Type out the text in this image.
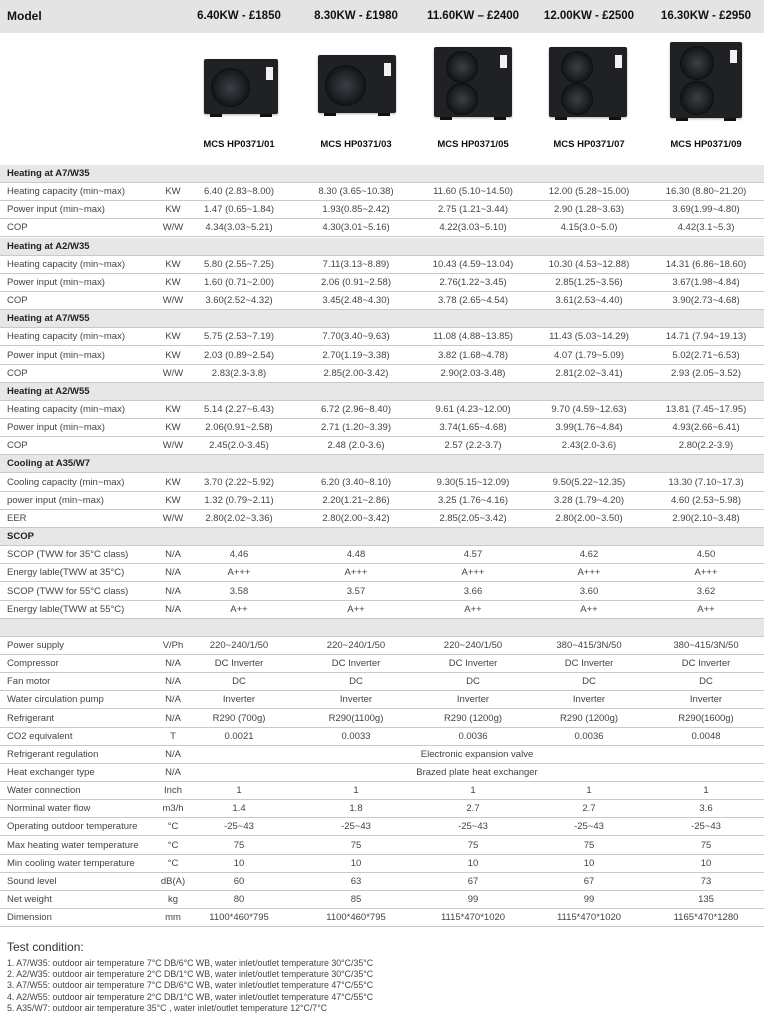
Model	6.40KW - £1850	8.30KW - £1980	11.60KW – £2400	12.00KW - £2500	16.30KW - £2950
MCS HP0371/01	MCS HP0371/03	MCS HP0371/05	MCS HP0371/07	MCS HP0371/09
Heating at A7/W35
Heating capacity (min~max)	KW	6.40 (2.83~8.00)	8.30 (3.65~10.38)	11.60 (5.10~14.50)	12.00 (5.28~15.00)	16.30 (8.80~21.20)
Power input (min~max)	KW	1.47 (0.65~1.84)	1.93(0.85~2.42)	2.75 (1.21~3.44)	2.90 (1.28~3.63)	3.69(1.99~4.80)
COP	W/W	4.34(3.03~5.21)	4.30(3.01~5.16)	4.22(3.03~5.10)	4.15(3.0~5.0)	4.42(3.1~5.3)
Heating at A2/W35
Heating capacity (min~max)	KW	5.80 (2.55~7.25)	7.11(3.13~8.89)	10.43 (4.59~13.04)	10.30 (4.53~12.88)	14.31 (6.86~18.60)
Power input (min~max)	KW	1.60 (0.71~2.00)	2.06 (0.91~2.58)	2.76(1.22~3.45)	2.85(1.25~3.56)	3.67(1.98~4.84)
COP	W/W	3.60(2.52~4.32)	3.45(2.48~4.30)	3.78 (2.65~4.54)	3.61(2.53~4.40)	3.90(2.73~4.68)
Heating at A7/W55
Heating capacity (min~max)	KW	5.75 (2.53~7.19)	7.70(3.40~9.63)	11.08 (4.88~13.85)	11.43 (5.03~14.29)	14.71 (7.94~19.13)
Power input (min~max)	KW	2.03 (0.89~2.54)	2.70(1.19~3.38)	3.82 (1.68~4.78)	4.07 (1.79~5.09)	5.02(2.71~6.53)
COP	W/W	2.83(2.3-3.8)	2.85(2.00-3.42)	2.90(2.03-3.48)	2.81(2.02~3.41)	2.93 (2.05~3.52)
Heating at A2/W55
Heating capacity (min~max)	KW	5.14 (2.27~6.43)	6.72 (2.96~8.40)	9.61 (4.23~12.00)	9.70 (4.59~12.63)	13.81 (7.45~17.95)
Power input (min~max)	KW	2.06(0.91~2.58)	2.71 (1.20~3.39)	3.74(1.65~4.68)	3.99(1.76~4.84)	4.93(2.66~6.41)
COP	W/W	2.45(2.0-3.45)	2.48 (2.0-3.6)	2.57 (2.2-3.7)	2.43(2.0-3.6)	2.80(2.2-3.9)
Cooling at A35/W7
Cooling capacity (min~max)	KW	3.70 (2.22~5.92)	6.20 (3.40~8.10)	9.30(5.15~12.09)	9.50(5.22~12.35)	13.30 (7.10~17.3)
power input (min~max)	KW	1.32 (0.79~2.11)	2.20(1.21~2.86)	3.25 (1.76~4.16)	3.28 (1.79~4.20)	4.60 (2.53~5.98)
EER	W/W	2.80(2.02~3.36)	2.80(2.00~3.42)	2.85(2.05~3.42)	2.80(2.00~3.50)	2.90(2.10~3.48)
SCOP
SCOP (TWW for 35°C class)	N/A	4.46	4.48	4.57	4.62	4.50
Energy lable(TWW at 35°C)	N/A	A+++	A+++	A+++	A+++	A+++
SCOP (TWW for 55°C class)	N/A	3.58	3.57	3.66	3.60	3.62
Energy lable(TWW at 55°C)	N/A	A++	A++	A++	A++	A++
Power supply	V/Ph	220~240/1/50	220~240/1/50	220~240/1/50	380~415/3N/50	380~415/3N/50
Compressor	N/A	DC Inverter	DC Inverter	DC Inverter	DC Inverter	DC Inverter
Fan motor	N/A	DC	DC	DC	DC	DC
Water circulation pump	N/A	Inverter	Inverter	Inverter	Inverter	Inverter
Refrigerant	N/A	R290 (700g)	R290(1100g)	R290 (1200g)	R290 (1200g)	R290(1600g)
CO2 equivalent	T	0.0021	0.0033	0.0036	0.0036	0.0048
Refrigerant regulation	N/A	Electronic expansion valve
Heat exchanger type	N/A	Brazed plate heat exchanger
Water connection	Inch	1	1	1	1	1
Norminal water flow	m3/h	1.4	1.8	2.7	2.7	3.6
Operating outdoor temperature	°C	-25~43	-25~43	-25~43	-25~43	-25~43
Max heating water temperature	°C	75	75	75	75	75
Min cooling water temperature	°C	10	10	10	10	10
Sound level	dB(A)	60	63	67	67	73
Net weight	kg	80	85	99	99	135
Dimension	mm	1100*460*795	1100*460*795	1115*470*1020	1115*470*1020	1165*470*1280
Test condition:
1. A7/W35: outdoor air temperature 7°C DB/6°C WB, water inlet/outlet temperature 30°C/35°C
2. A2/W35: outdoor air temperature 2°C DB/1°C WB, water inlet/outlet temperature 30°C/35°C
3. A7/W55: outdoor air temperature 7°C DB/6°C WB, water inlet/outlet temperature 47°C/55°C
4. A2/W55: outdoor air temperature 2°C DB/1°C WB, water inlet/outlet temperature 47°C/55°C
5. A35/W7: outdoor air temperature 35°C , water inlet/outlet temperature 12°C/7°C
